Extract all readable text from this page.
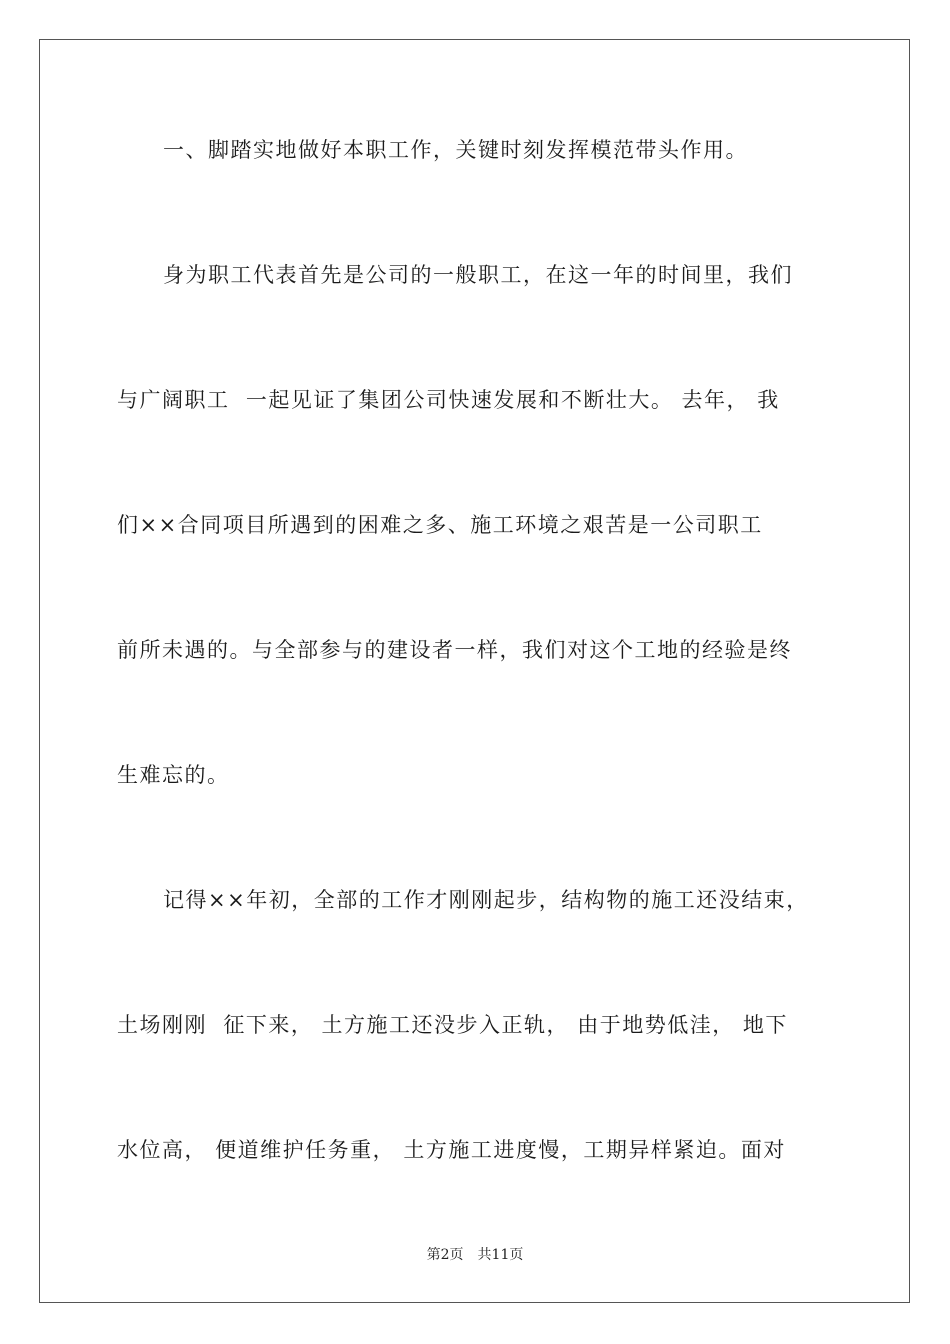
一、脚踏实地做好本职工作，关键时刻发挥模范带头作用。
身为职工代表首先是公司的一般职工，在这一年的时间里，我们
与广阔职工  一起见证了集团公司快速发展和不断壮大。 去年， 我
们××合同项目所遇到的困难之多、施工环境之艰苦是一公司职工
前所未遇的。与全部参与的建设者一样，我们对这个工地的经验是终
生难忘的。
记得××年初，全部的工作才刚刚起步，结构物的施工还没结束，
土场刚刚  征下来， 土方施工还没步入正轨， 由于地势低洼， 地下
水位高， 便道维护任务重， 土方施工进度慢，工期异样紧迫。面对
第2页 共11页
